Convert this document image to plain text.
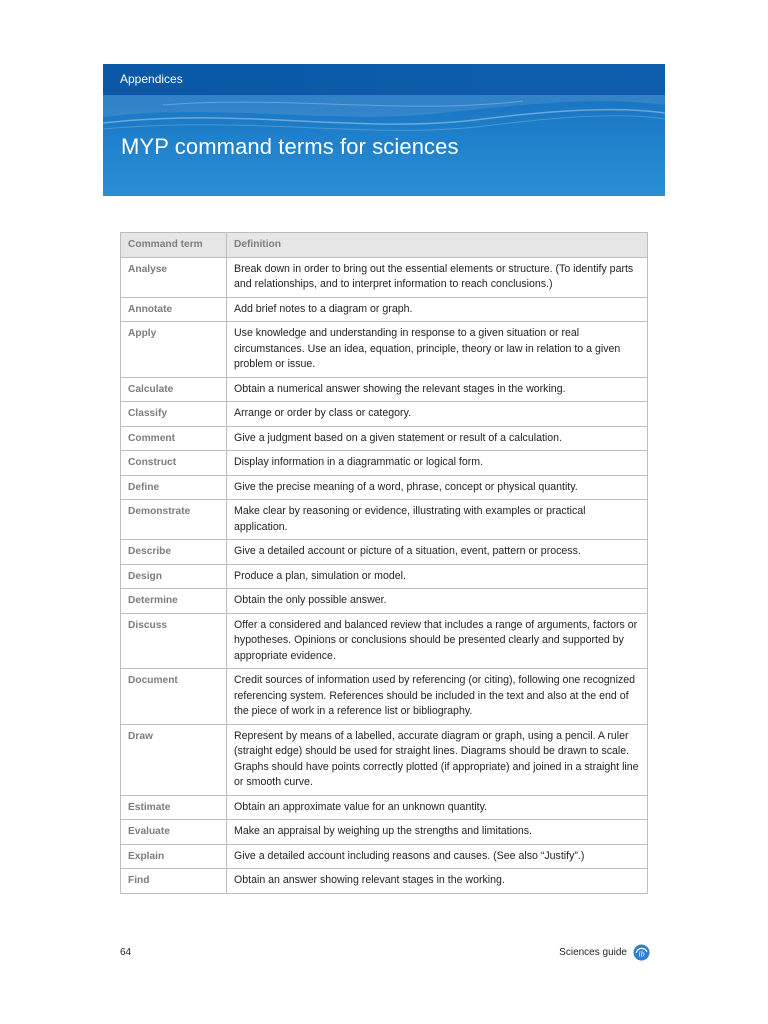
Appendices
MYP command terms for sciences
Command term	Definition
Analyse	Break down in order to bring out the essential elements or structure. (To identify parts and relationships, and to interpret information to reach conclusions.)
Annotate	Add brief notes to a diagram or graph.
Apply	Use knowledge and understanding in response to a given situation or real circumstances. Use an idea, equation, principle, theory or law in relation to a given problem or issue.
Calculate	Obtain a numerical answer showing the relevant stages in the working.
Classify	Arrange or order by class or category.
Comment	Give a judgment based on a given statement or result of a calculation.
Construct	Display information in a diagrammatic or logical form.
Define	Give the precise meaning of a word, phrase, concept or physical quantity.
Demonstrate	Make clear by reasoning or evidence, illustrating with examples or practical application.
Describe	Give a detailed account or picture of a situation, event, pattern or process.
Design	Produce a plan, simulation or model.
Determine	Obtain the only possible answer.
Discuss	Offer a considered and balanced review that includes a range of arguments, factors or hypotheses. Opinions or conclusions should be presented clearly and supported by appropriate evidence.
Document	Credit sources of information used by referencing (or citing), following one recognized referencing system. References should be included in the text and also at the end of the piece of work in a reference list or bibliography.
Draw	Represent by means of a labelled, accurate diagram or graph, using a pencil. A ruler (straight edge) should be used for straight lines. Diagrams should be drawn to scale. Graphs should have points correctly plotted (if appropriate) and joined in a straight line or smooth curve.
Estimate	Obtain an approximate value for an unknown quantity.
Evaluate	Make an appraisal by weighing up the strengths and limitations.
Explain	Give a detailed account including reasons and causes. (See also “Justify”.)
Find	Obtain an answer showing relevant stages in the working.
64	Sciences guide ib
